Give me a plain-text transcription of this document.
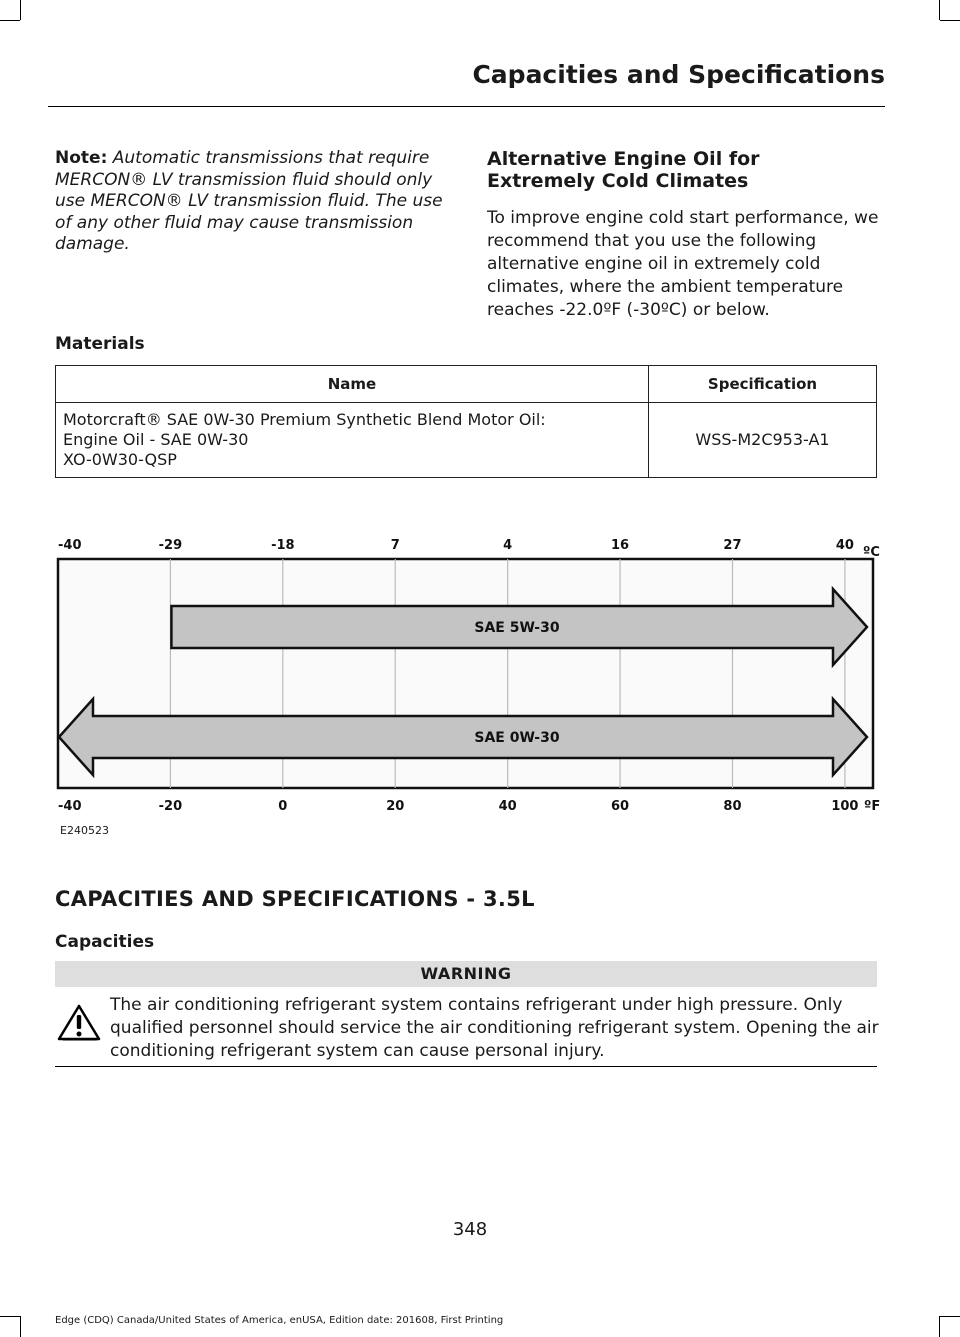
Capacities and Specifications
Note: Automatic transmissions that require MERCON® LV transmission fluid should only use MERCON® LV transmission fluid. The use of any other fluid may cause transmission damage.
Alternative Engine Oil for
Extremely Cold Climates
To improve engine cold start performance, we recommend that you use the following alternative engine oil in extremely cold climates, where the ambient temperature reaches -22.0ºF (-30ºC) or below.
Materials
Name	Specification

Motorcraft® SAE 0W-30 Premium Synthetic Blend Motor Oil:
Engine Oil - SAE 0W-30
XO-0W30-QSP	WSS-M2C953-A1
-40
-40
-29
-20
-18
0
7
20
4
40
16
60
27
80
40
100
ºC
ºF
SAE 5W-30
SAE 0W-30
E240523
CAPACITIES AND SPECIFICATIONS - 3.5L
Capacities
WARNING
The air conditioning refrigerant system contains refrigerant under high pressure. Only qualified personnel should service the air conditioning refrigerant system. Opening the air conditioning refrigerant system can cause personal injury.
348
Edge (CDQ) Canada/United States of America, enUSA, Edition date: 201608, First Printing
